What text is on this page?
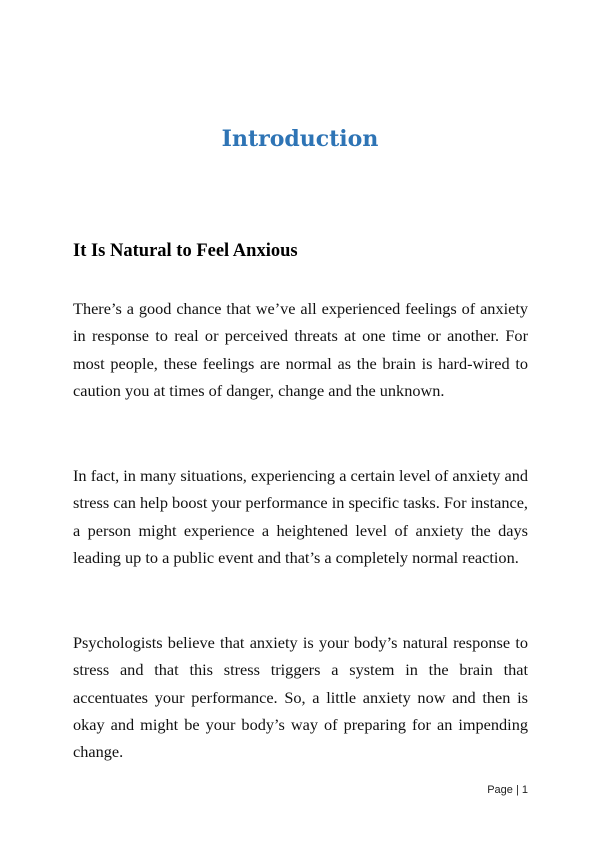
Introduction
It Is Natural to Feel Anxious

There’s a good chance that we’ve all experienced feelings of anxiety in response to real or perceived threats at one time or another. For most people, these feelings are normal as the brain is hard-wired to caution you at times of danger, change and the unknown.

In fact, in many situations, experiencing a certain level of anxiety and stress can help boost your performance in specific tasks. For instance, a person might experience a heightened level of anxiety the days leading up to a public event and that’s a completely normal reaction.

Psychologists believe that anxiety is your body’s natural response to stress and that this stress triggers a system in the brain that accentuates your performance. So, a little anxiety now and then is okay and might be your body’s way of preparing for an impending change.

Page | 1
